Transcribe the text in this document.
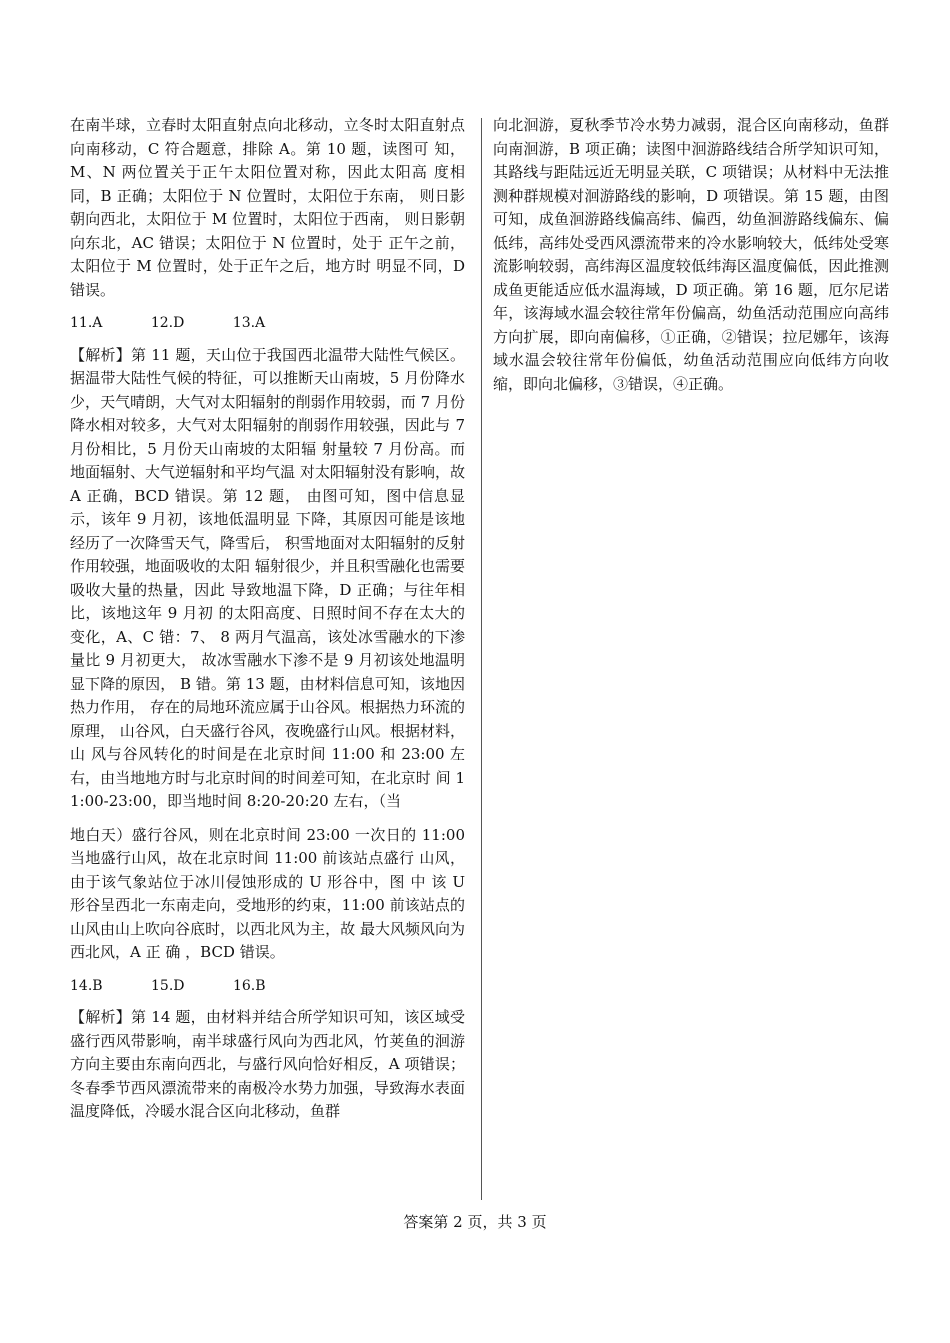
在南半球，立春时太阳直射点向北移动，立冬时太阳直射点向南移动，C 符合题意，排除 A。第 10 题，读图可 知，M、N 两位置关于正午太阳位置对称，因此太阳高 度相同，B 正确；太阳位于 N 位置时，太阳位于东南， 则日影朝向西北，太阳位于 M 位置时，太阳位于西南， 则日影朝向东北，AC 错误；太阳位于 N 位置时，处于 正午之前，太阳位于 M 位置时，处于正午之后，地方时 明显不同，D 错误。

11.A	12.D	13.A

【解析】第 11 题，天山位于我国西北温带大陆性气候区。据温带大陆性气候的特征，可以推断天山南坡，5 月份降水少，天气晴朗，大气对太阳辐射的削弱作用较弱，而 7 月份降水相对较多，大气对太阳辐射的削弱作用较强，因此与 7 月份相比，5 月份天山南坡的太阳辐 射量较 7 月份高。而地面辐射、大气逆辐射和平均气温 对太阳辐射没有影响，故 A 正确，BCD 错误。第 12 题， 由图可知，图中信息显示，该年 9 月初，该地低温明显 下降，其原因可能是该地经历了一次降雪天气，降雪后， 积雪地面对太阳辐射的反射作用较强，地面吸收的太阳 辐射很少，并且积雪融化也需要吸收大量的热量，因此 导致地温下降，D 正确；与往年相比，该地这年 9 月初 的太阳高度、日照时间不存在太大的变化，A、C 错：7、 8 两月气温高，该处冰雪融水的下渗量比 9 月初更大， 故冰雪融水下渗不是 9 月初该处地温明显下降的原因， B 错。第 13 题，由材料信息可知，该地因热力作用， 存在的局地环流应属于山谷风。根据热力环流的原理， 山谷风，白天盛行谷风，夜晚盛行山风。根据材料，山 风与谷风转化的时间是在北京时间 11:00 和 23:00 左 右，由当地地方时与北京时间的时间差可知，在北京时 间 11:00-23:00，即当地时间 8:20-20:20 左右，（当

地白天）盛行谷风，则在北京时间 23:00 一次日的 11:00 当地盛行山风，故在北京时间 11:00 前该站点盛行 山风，由于该气象站位于冰川侵蚀形成的 U 形谷中，图 中 该 U 形谷呈西北一东南走向，受地形的约束，11:00 前该站点的山风由山上吹向谷底时，以西北风为主，故 最大风频风向为西北风，A 正 确 ，BCD 错误。

14.B	15.D	16.B

【解析】第 14 题，由材料并结合所学知识可知，该区域受盛行西风带影响，南半球盛行风向为西北风，竹荚鱼的洄游方向主要由东南向西北，与盛行风向恰好相反，A 项错误；冬春季节西风漂流带来的南极冷水势力加强，导致海水表面温度降低，冷暖水混合区向北移动，鱼群

向北洄游，夏秋季节冷水势力减弱，混合区向南移动，鱼群向南洄游，B 项正确；读图中洄游路线结合所学知识可知，其路线与距陆远近无明显关联，C 项错误；从材料中无法推测种群规模对洄游路线的影响，D 项错误。第 15 题，由图可知，成鱼洄游路线偏高纬、偏西，幼鱼洄游路线偏东、偏低纬，高纬处受西风漂流带来的冷水影响较大，低纬处受寒流影响较弱，高纬海区温度较低纬海区温度偏低，因此推测成鱼更能适应低水温海域，D 项正确。第 16 题，厄尔尼诺年，该海域水温会较往常年份偏高，幼鱼活动范围应向高纬方向扩展，即向南偏移，①正确，②错误；拉尼娜年，该海域水温会较往常年份偏低，幼鱼活动范围应向低纬方向收缩，即向北偏移，③错误，④正确。

答案第 2 页，共 3 页
